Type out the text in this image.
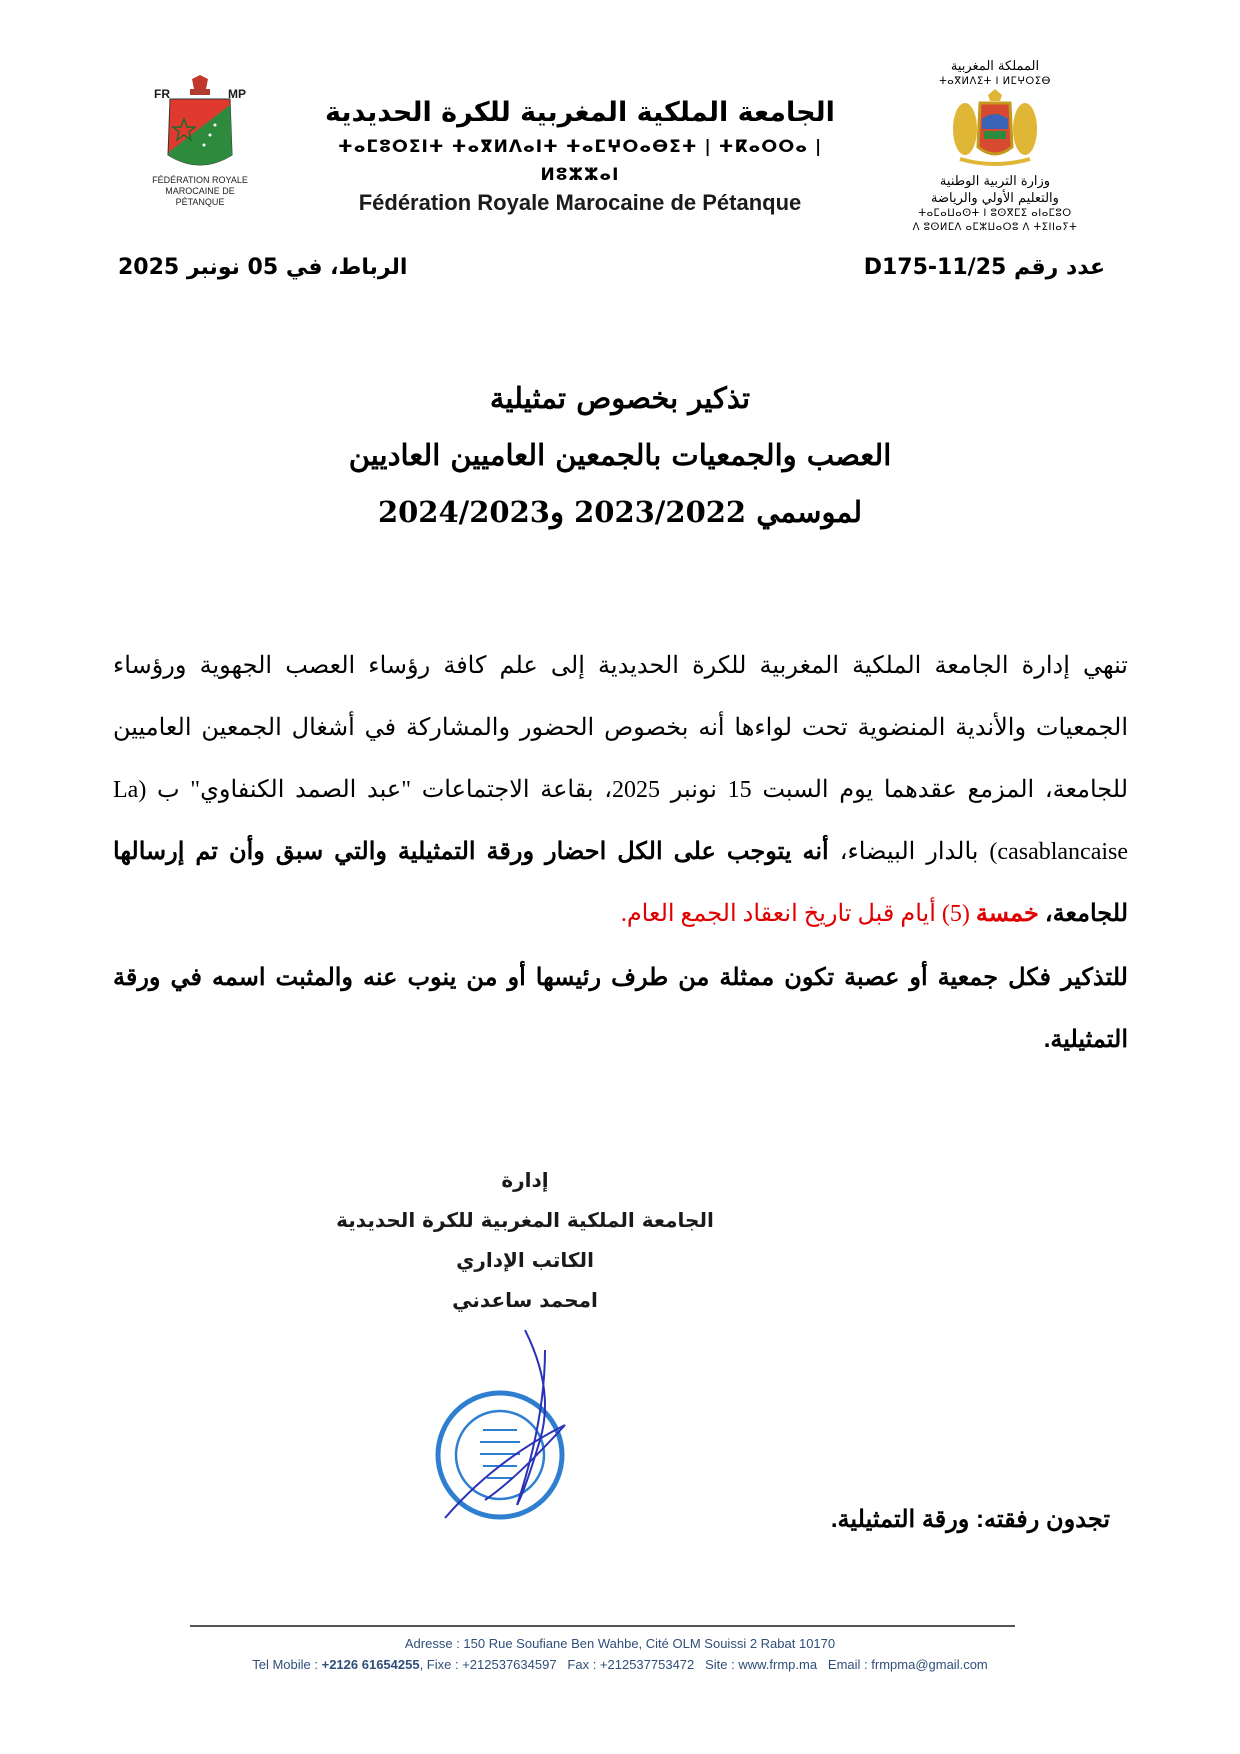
FR	MP
FÉDÉRATION ROYALE
MAROCAINE DE PÉTANQUE
الجامعة الملكية المغربية للكرة الحديدية
ⵜⴰⵎⵓⵔⵉⵏⵜ ⵜⴰⴳⵍⴷⴰⵏⵜ ⵜⴰⵎⵖⵔⴰⴱⵉⵜ | ⵜⴽⴰⵔⵔⴰ | ⵍⵓⵣⵣⴰⵏ
Fédération Royale Marocaine de Pétanque
المملكة المغربية
ⵜⴰⴳⵍⴷⵉⵜ ⵏ ⵍⵎⵖⵔⵉⴱ
وزارة التربية الوطنية
والتعليم الأولي والرياضة
ⵜⴰⵎⴰⵡⴰⵙⵜ ⵏ ⵓⵙⴳⵎⵉ ⴰⵏⴰⵎⵓⵔ
ⴷ ⵓⵙⵍⵎⴷ ⴰⵎⵣⵡⴰⵔⵓ ⴷ ⵜⵉⵏⵏⴰⵢⵜ
عدد رقم D175-11/25
الرباط، في 05 نونبر 2025
تذكير بخصوص تمثيلية
العصب والجمعيات بالجمعين العاميين العاديين
لموسمي 2023/2022 و2024/2023
تنهي إدارة الجامعة الملكية المغربية للكرة الحديدية إلى علم كافة رؤساء العصب الجهوية ورؤساء الجمعيات والأندية المنضوية تحت لواءها أنه بخصوص الحضور والمشاركة في أشغال الجمعين العاميين للجامعة، المزمع عقدهما يوم السبت 15 نونبر 2025، بقاعة الاجتماعات "عبد الصمد الكنفاوي" ب (La casablancaise) بالدار البيضاء، أنه يتوجب على الكل احضار ورقة التمثيلية والتي سبق وأن تم إرسالها للجامعة، خمسة (5) أيام قبل تاريخ انعقاد الجمع العام.
للتذكير فكل جمعية أو عصبة تكون ممثلة من طرف رئيسها أو من ينوب عنه والمثبت اسمه في ورقة التمثيلية.
إدارة
الجامعة الملكية المغربية للكرة الحديدية
الكاتب الإداري
امحمد ساعدني
تجدون رفقته: ورقة التمثيلية.
Adresse : 150 Rue Soufiane Ben Wahbe, Cité OLM Souissi 2 Rabat 10170
Tel Mobile : +2126 61654255, Fixe : +212537634597 Fax : +212537753472 Site : www.frmp.ma Email : frmpma@gmail.com
